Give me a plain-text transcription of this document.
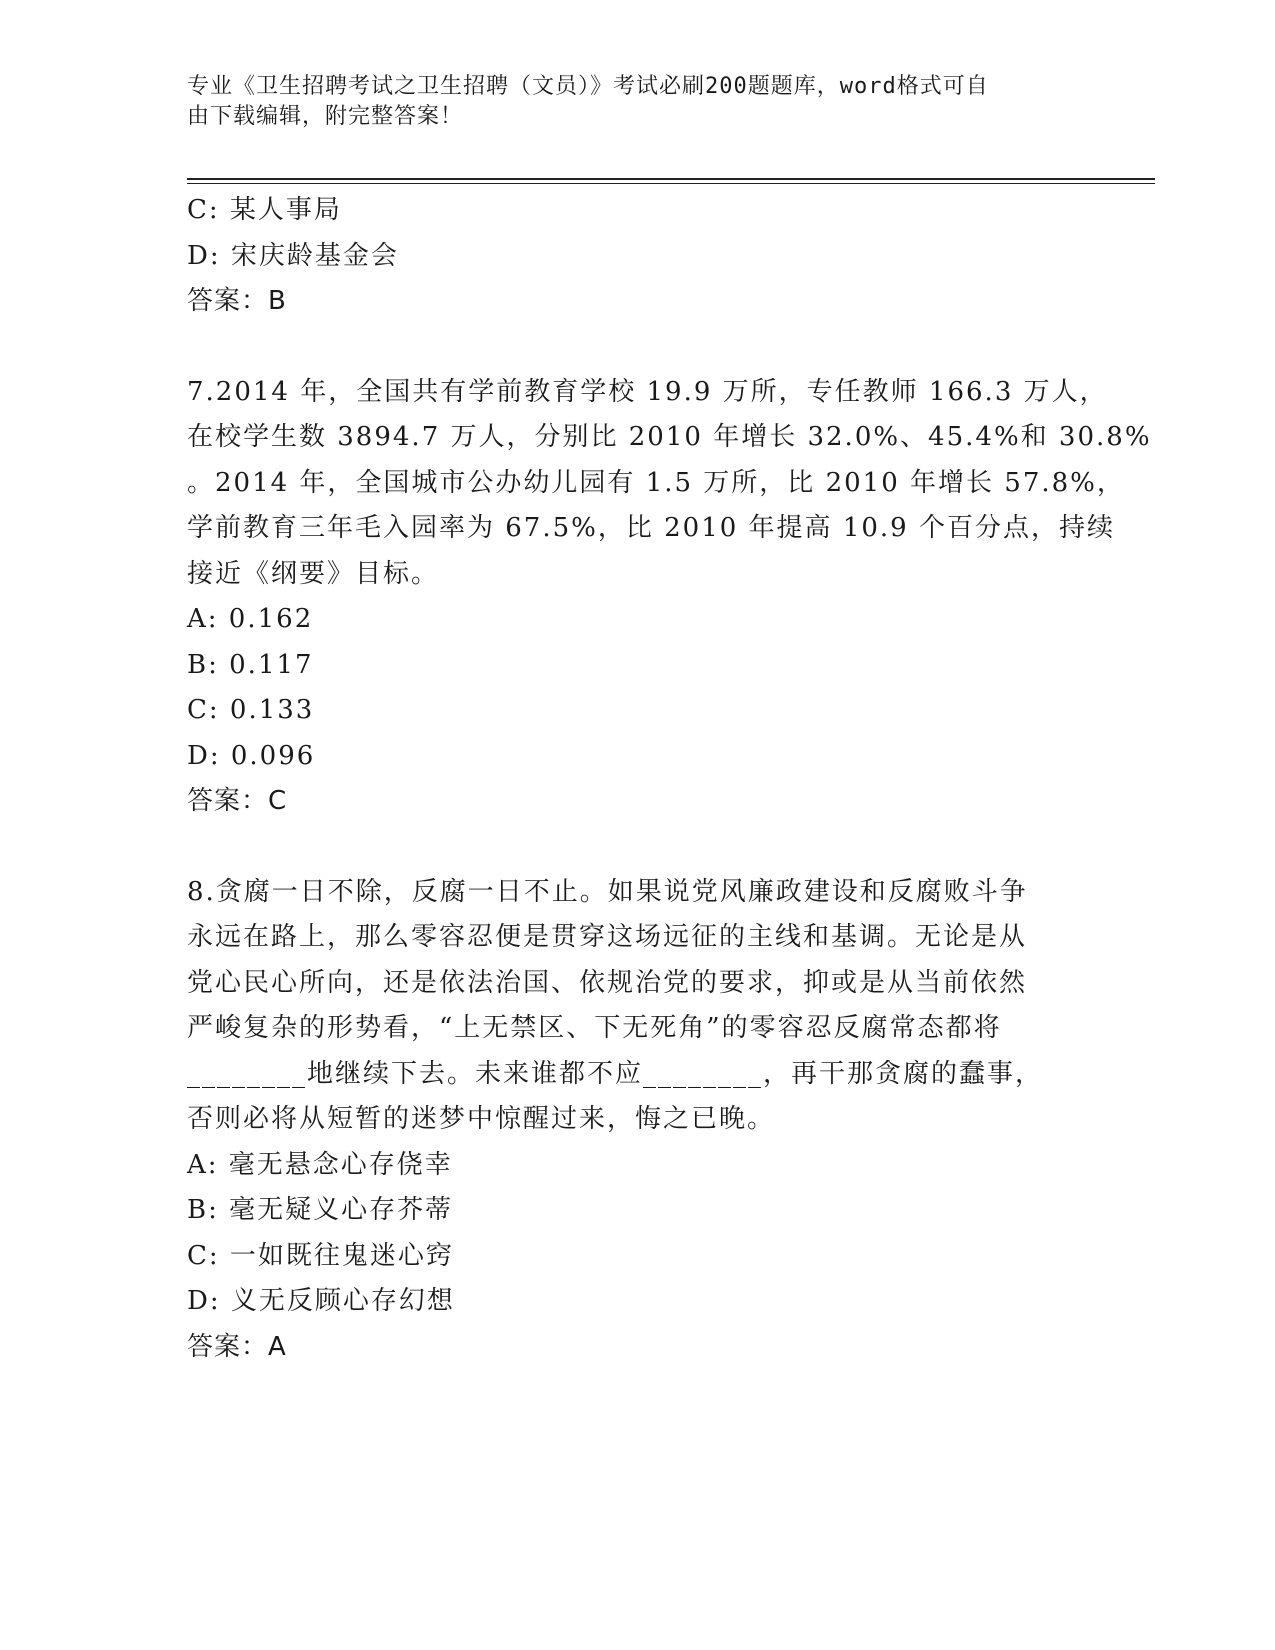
专业《卫生招聘考试之卫生招聘（文员）》考试必刷200题题库，word格式可自
由下载编辑，附完整答案！
C: 某人事局
D: 宋庆龄基金会
答案：B
7.2014 年，全国共有学前教育学校 19.9 万所，专任教师 166.3 万人，
在校学生数 3894.7 万人，分别比 2010 年增长 32.0%、45.4%和 30.8%
。2014 年，全国城市公办幼儿园有 1.5 万所，比 2010 年增长 57.8%，
学前教育三年毛入园率为 67.5%，比 2010 年提高 10.9 个百分点，持续
接近《纲要》目标。
A: 0.162
B: 0.117
C: 0.133
D: 0.096
答案：C
8.贪腐一日不除，反腐一日不止。如果说党风廉政建设和反腐败斗争
永远在路上，那么零容忍便是贯穿这场远征的主线和基调。无论是从
党心民心所向，还是依法治国、依规治党的要求，抑或是从当前依然
严峻复杂的形势看，“上无禁区、下无死角”的零容忍反腐常态都将
________地继续下去。未来谁都不应________，再干那贪腐的蠢事，
否则必将从短暂的迷梦中惊醒过来，悔之已晚。
A: 毫无悬念心存侥幸
B: 毫无疑义心存芥蒂
C: 一如既往鬼迷心窍
D: 义无反顾心存幻想
答案：A
